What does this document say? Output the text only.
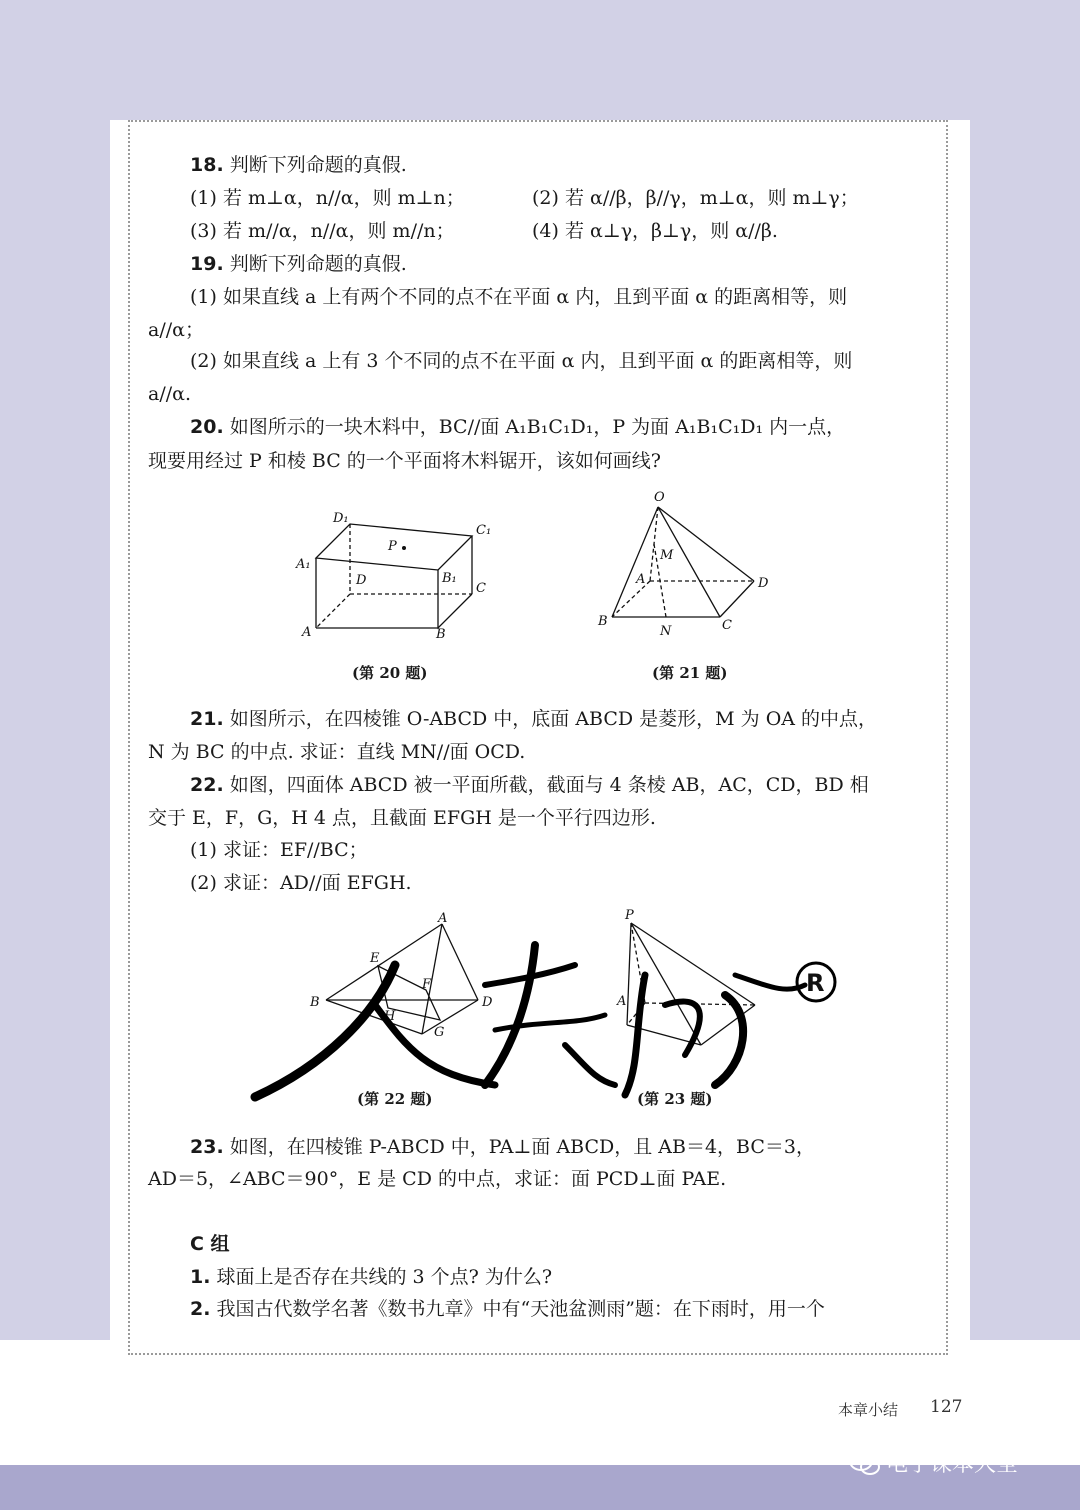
18. 判断下列命题的真假.
(1) 若 m⊥α，n//α，则 m⊥n；	(2) 若 α//β，β//γ，m⊥α，则 m⊥γ；
(3) 若 m//α，n//α，则 m//n；	(4) 若 α⊥γ，β⊥γ，则 α//β.
19. 判断下列命题的真假.
(1) 如果直线 a 上有两个不同的点不在平面 α 内，且到平面 α 的距离相等，则
a//α；
(2) 如果直线 a 上有 3 个不同的点不在平面 α 内，且到平面 α 的距离相等，则
a//α.
20. 如图所示的一块木料中，BC//面 A₁B₁C₁D₁，P 为面 A₁B₁C₁D₁ 内一点，
现要用经过 P 和棱 BC 的一个平面将木料锯开，该如何画线?
D₁
C₁
A₁
B₁
P
D
C
A	B
(第 20 题)
O
M
A	D
B	C
N
(第 21 题)
21. 如图所示，在四棱锥 O-ABCD 中，底面 ABCD 是菱形，M 为 OA 的中点，
N 为 BC 的中点. 求证：直线 MN//面 OCD.
22. 如图，四面体 ABCD 被一平面所截，截面与 4 条棱 AB，AC，CD，BD 相
交于 E，F，G，H 4 点，且截面 EFGH 是一个平行四边形.
(1) 求证：EF//BC；
(2) 求证：AD//面 EFGH.
A
E
B	D
F
H
G
(第 22 题)
P
A
(第 23 题)
R
23. 如图，在四棱锥 P-ABCD 中，PA⊥面 ABCD，且 AB＝4，BC＝3，
AD＝5，∠ABC＝90°，E 是 CD 的中点，求证：面 PCD⊥面 PAE.
C 组
1. 球面上是否存在共线的 3 个点? 为什么?
2. 我国古代数学名著《数书九章》中有“天池盆测雨”题：在下雨时，用一个
本章小结 127
电子课本大全
